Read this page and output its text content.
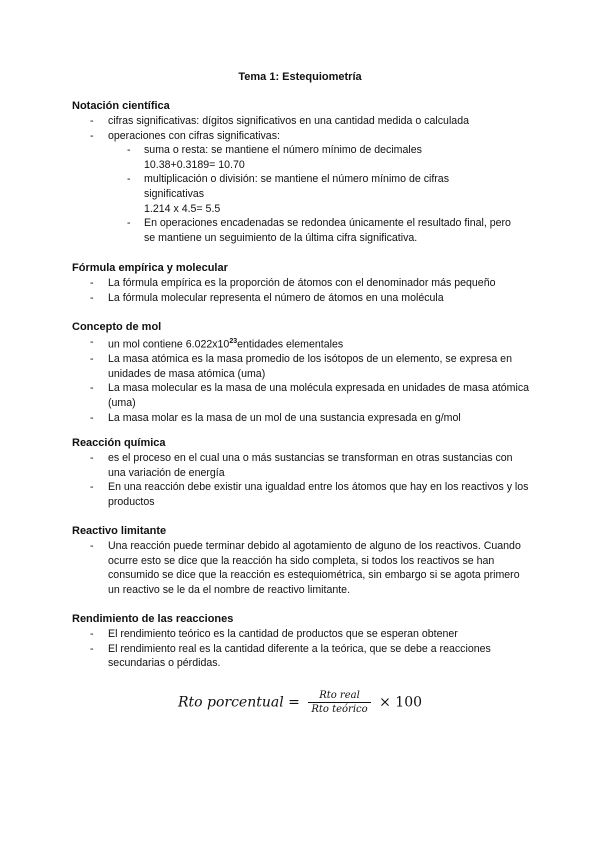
Tema 1: Estequiometría
Notación científica
- cifras significativas: dígitos significativos en una cantidad medida o calculada
- operaciones con cifras significativas:
- suma o resta: se mantiene el número mínimo de decimales
10.38+0.3189= 10.70
- multiplicación o división: se mantiene el número mínimo de cifras significativas
1.214 x 4.5= 5.5
- En operaciones encadenadas se redondea únicamente el resultado final, pero se mantiene un seguimiento de la última cifra significativa.
Fórmula empírica y molecular
- La fórmula empírica es la proporción de átomos con el denominador más pequeño
- La fórmula molecular representa el número de átomos en una molécula
Concepto de mol
- un mol contiene $6.022x10^{23}entidades$ elementales
- La masa atómica es la masa promedio de los isótopos de un elemento, se expresa en unidades de masa atómica (uma)
- La masa molecular es la masa de una molécula expresada en unidades de masa atómica (uma)
- La masa molar es la masa de un mol de una sustancia expresada en g/mol
Reacción química
- es el proceso en el cual una o más sustancias se transforman en otras sustancias con una variación de energía
- En una reacción debe existir una igualdad entre los átomos que hay en los reactivos y los productos
Reactivo limitante
- Una reacción puede terminar debido al agotamiento de alguno de los reactivos. Cuando ocurre esto se dice que la reacción ha sido completa, si todos los reactivos se han consumido se dice que la reacción es estequiométrica, sin embargo si se agota primero un reactivo se le da el nombre de reactivo limitante.
Rendimiento de las reacciones
- El rendimiento teórico es la cantidad de productos que se esperan obtener
- El rendimiento real es la cantidad diferente a la teórica, que se debe a reacciones secundarias o pérdidas.
Rto porcentual = $\frac{\text{Rto real}}{\text{Rto teórico}} \times 100$
